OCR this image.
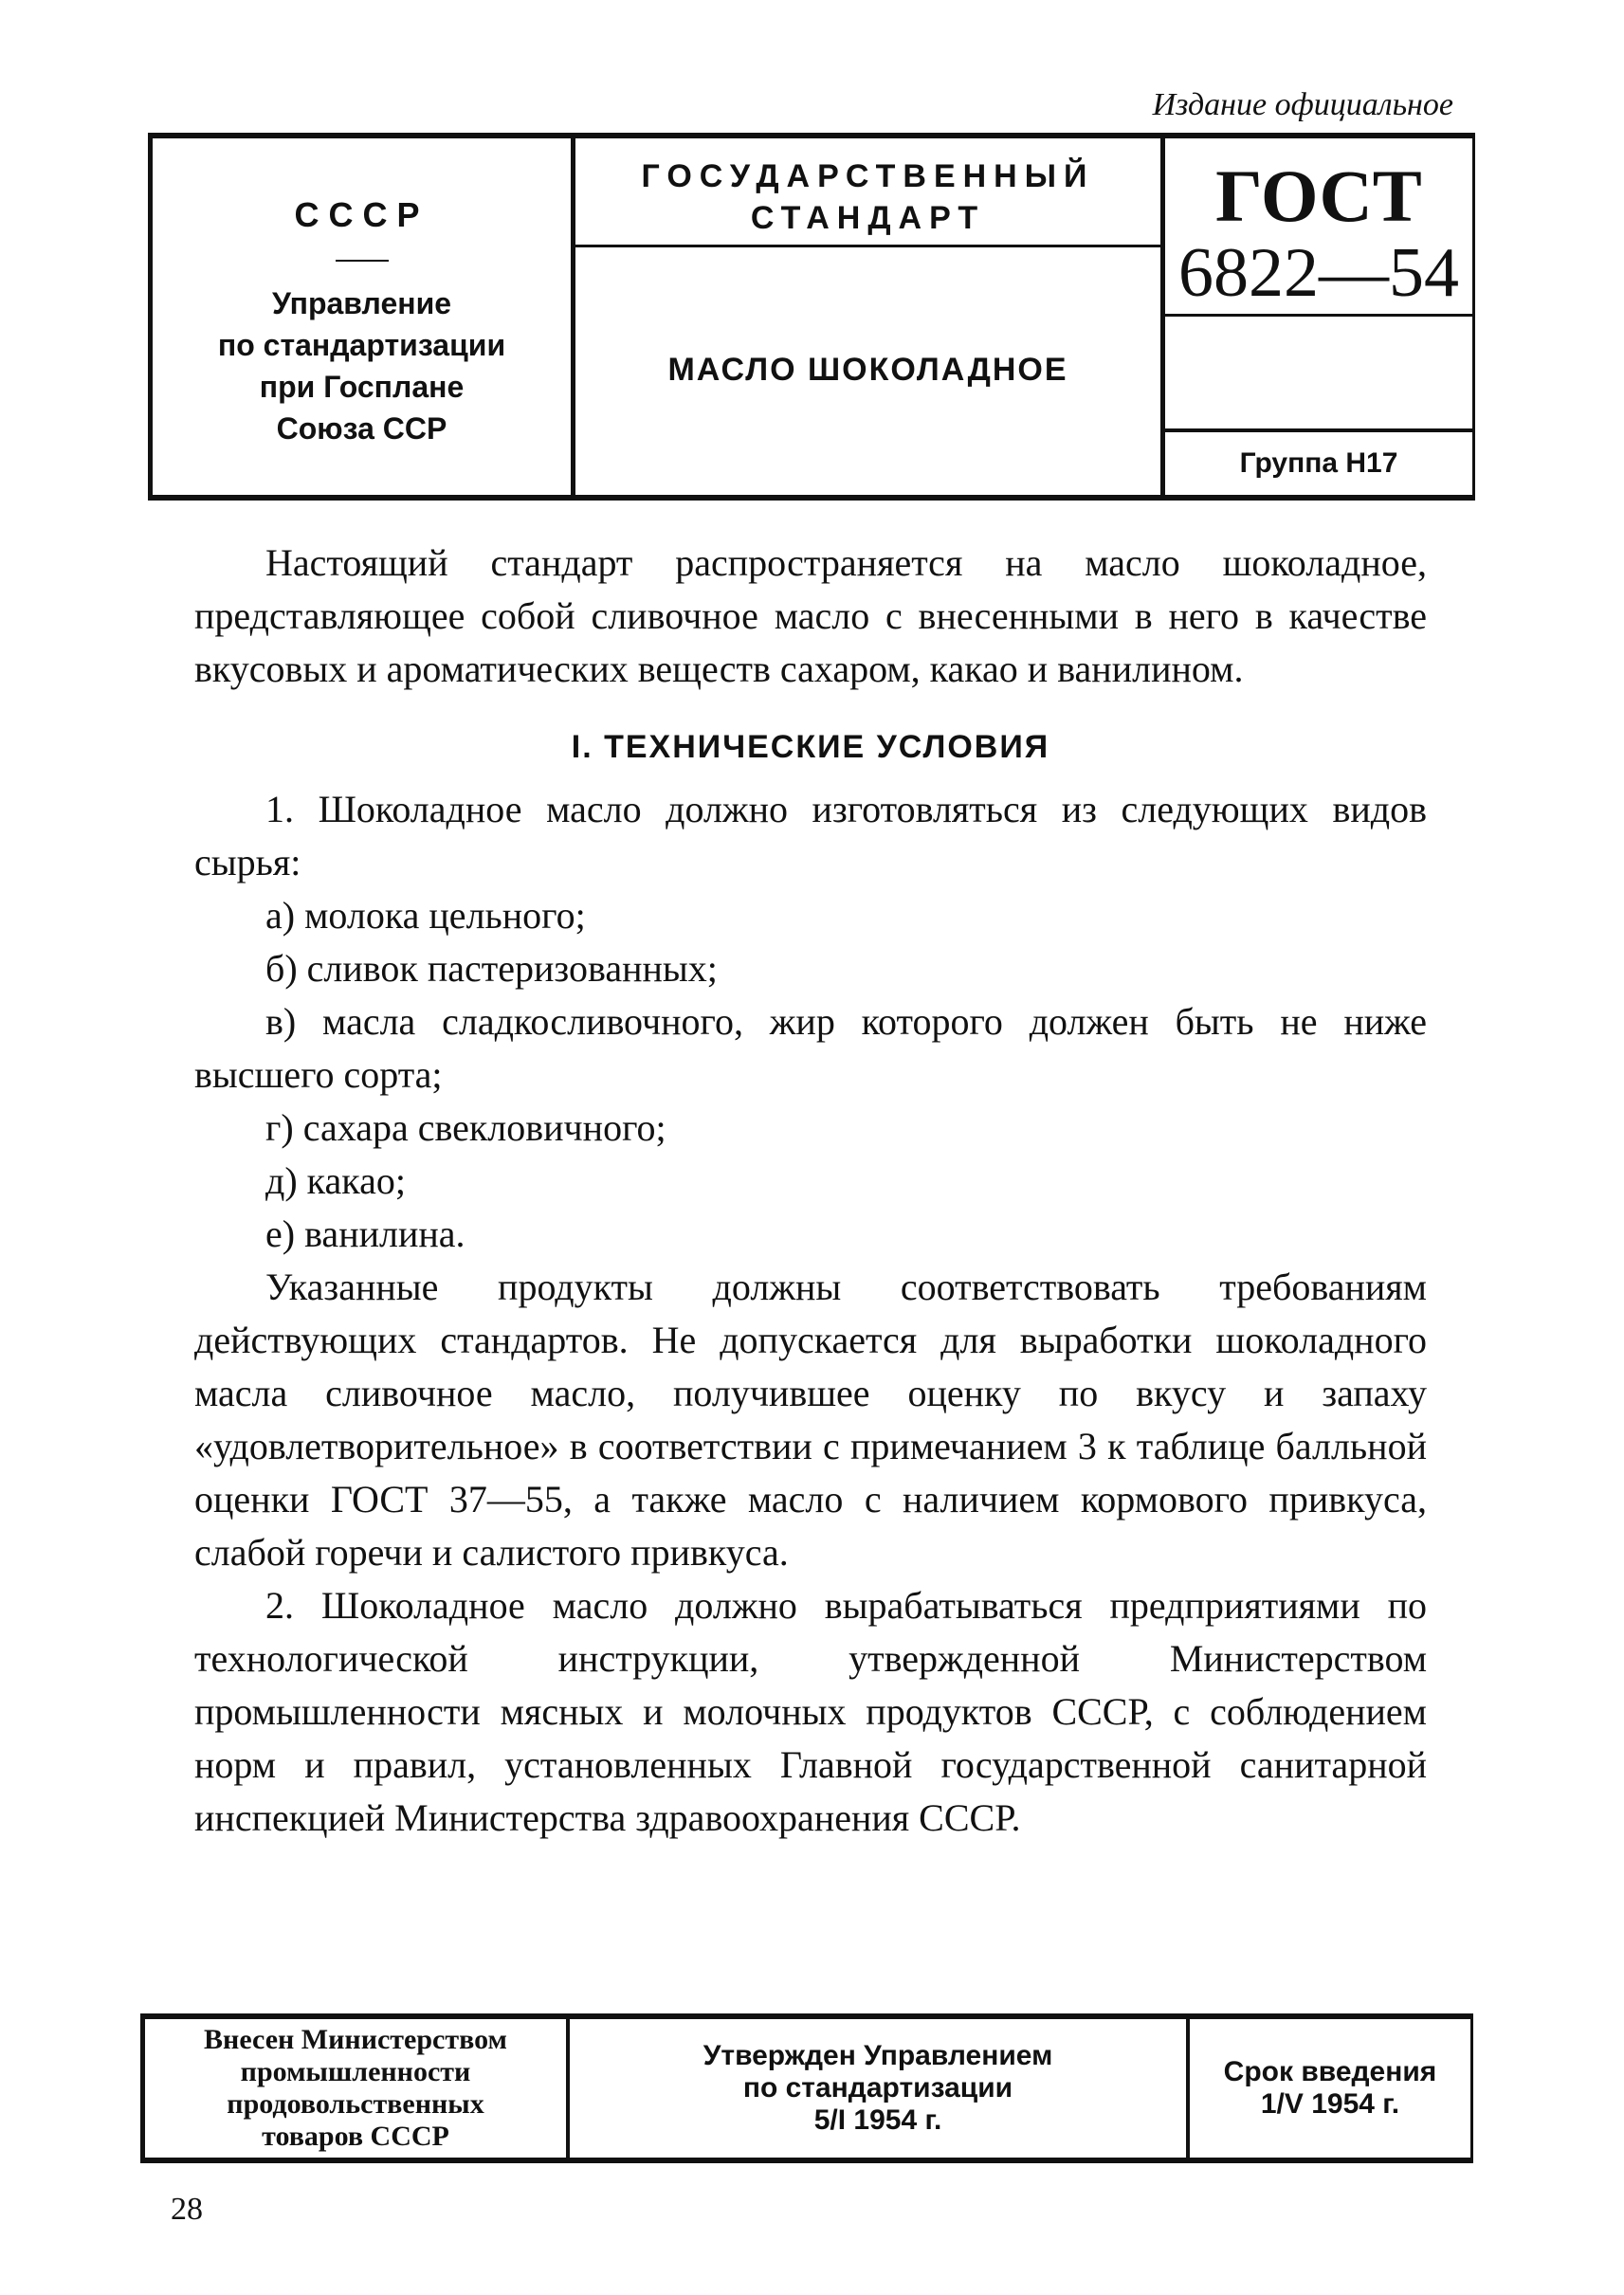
Издание официальное
СССР
Управление
по стандартизации
при Госплане
Союза ССР
ГОСУДАРСТВЕННЫЙ
СТАНДАРТ
МАСЛО ШОКОЛАДНОЕ
ГОСТ
6822—54
Группа Н17

Настоящий стандарт распространяется на масло шоколадное, представляющее собой сливочное масло с внесенными в него в качестве вкусовых и ароматических веществ сахаром, какао и ванилином.

I. ТЕХНИЧЕСКИЕ УСЛОВИЯ

1. Шоколадное масло должно изготовляться из следующих видов сырья:

а) молока цельного;

б) сливок пастеризованных;

в) масла сладкосливочного, жир которого должен быть не ниже высшего сорта;

г) сахара свекловичного;

д) какао;

е) ванилина.

Указанные продукты должны соответствовать требованиям действующих стандартов. Не допускается для выработки шоколадного масла сливочное масло, получившее оценку по вкусу и запаху «удовлетворительное» в соответствии с примечанием 3 к таблице балльной оценки ГОСТ 37—55, а также масло с наличием кормового привкуса, слабой горечи и салистого привкуса.

2. Шоколадное масло должно вырабатываться предприятиями по технологической инструкции, утвержденной Министерством промышленности мясных и молочных продуктов СССР, с соблюдением норм и правил, установленных Главной государственной санитарной инспекцией Министерства здравоохранения СССР.

Внесен Министерством
промышленности
продовольственных
товаров СССР
Утвержден Управлением
по стандартизации
5/I 1954 г.
Срок введения
1/V 1954 г.
28
